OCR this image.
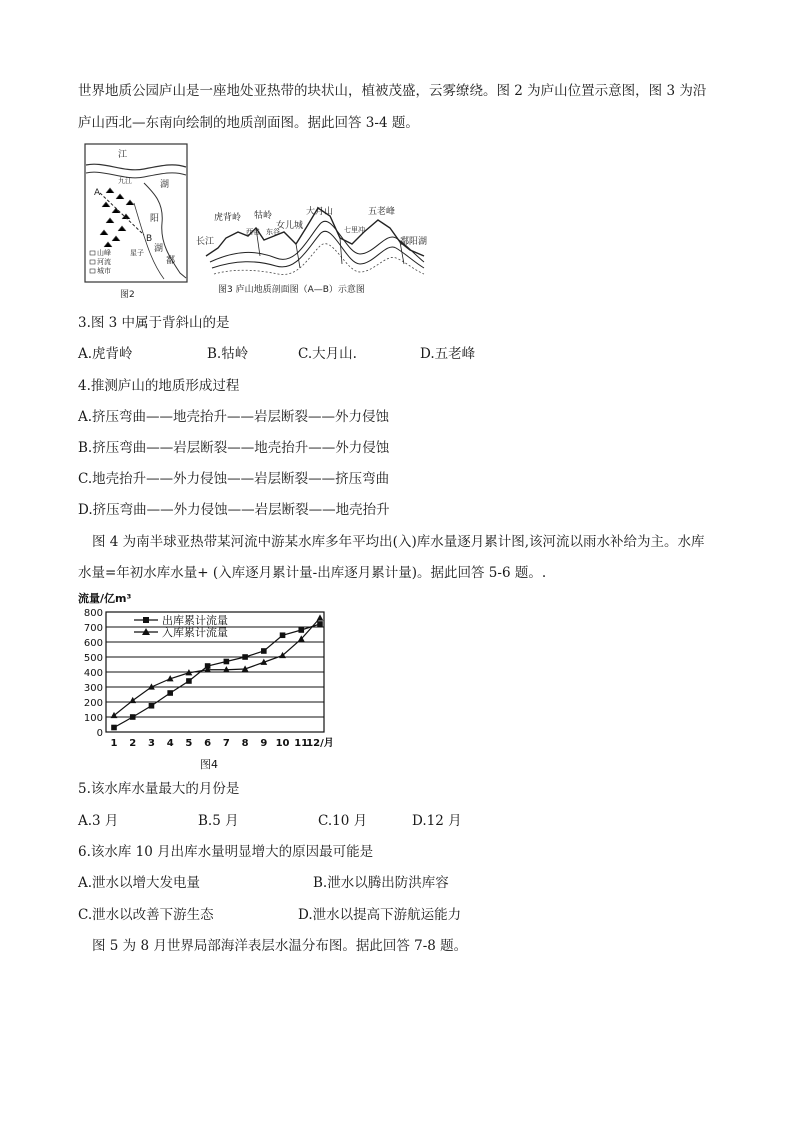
世界地质公园庐山是一座地处亚热带的块状山，植被茂盛，云雾缭绕。图 2 为庐山位置示意图，图 3 为沿
庐山西北—东南向绘制的地质剖面图。据此回答 3-4 题。
江
九江	湖
A
B
阳
湖
鄱
星子
山峰
河流
城市
图2
虎背岭 牯岭
女儿城
大月山	五老峰
西谷 东谷	七里冲
长江	鄱阳湖
图3 庐山地质剖面图（A—B）示意图
3.图 3 中属于背斜山的是
A.虎背岭	B.牯岭	C.大月山.	D.五老峰
4.推测庐山的地质形成过程
A.挤压弯曲——地壳抬升——岩层断裂——外力侵蚀
B.挤压弯曲——岩层断裂——地壳抬升——外力侵蚀
C.地壳抬升——外力侵蚀——岩层断裂——挤压弯曲
D.挤压弯曲——外力侵蚀——岩层断裂——地壳抬升
图 4 为南半球亚热带某河流中游某水库多年平均出(入)库水量逐月累计图,该河流以雨水补给为主。水库
水量=年初水库水量+ (入库逐月累计量-出库逐月累计量)。据此回答 5-6 题。.
流量/亿m³
0
100
200
300
400
500
600
700
800
1 2 3 4 5 6 7 8 9 10 11
12/月
出库累计流量
入库累计流量
图4
5.该水库水量最大的月份是
A.3 月	B.5 月	C.10 月	D.12 月
6.该水库 10 月出库水量明显增大的原因最可能是
A.泄水以增大发电量	B.泄水以腾出防洪库容
C.泄水以改善下游生态	D.泄水以提高下游航运能力
图 5 为 8 月世界局部海洋表层水温分布图。据此回答 7-8 题。
